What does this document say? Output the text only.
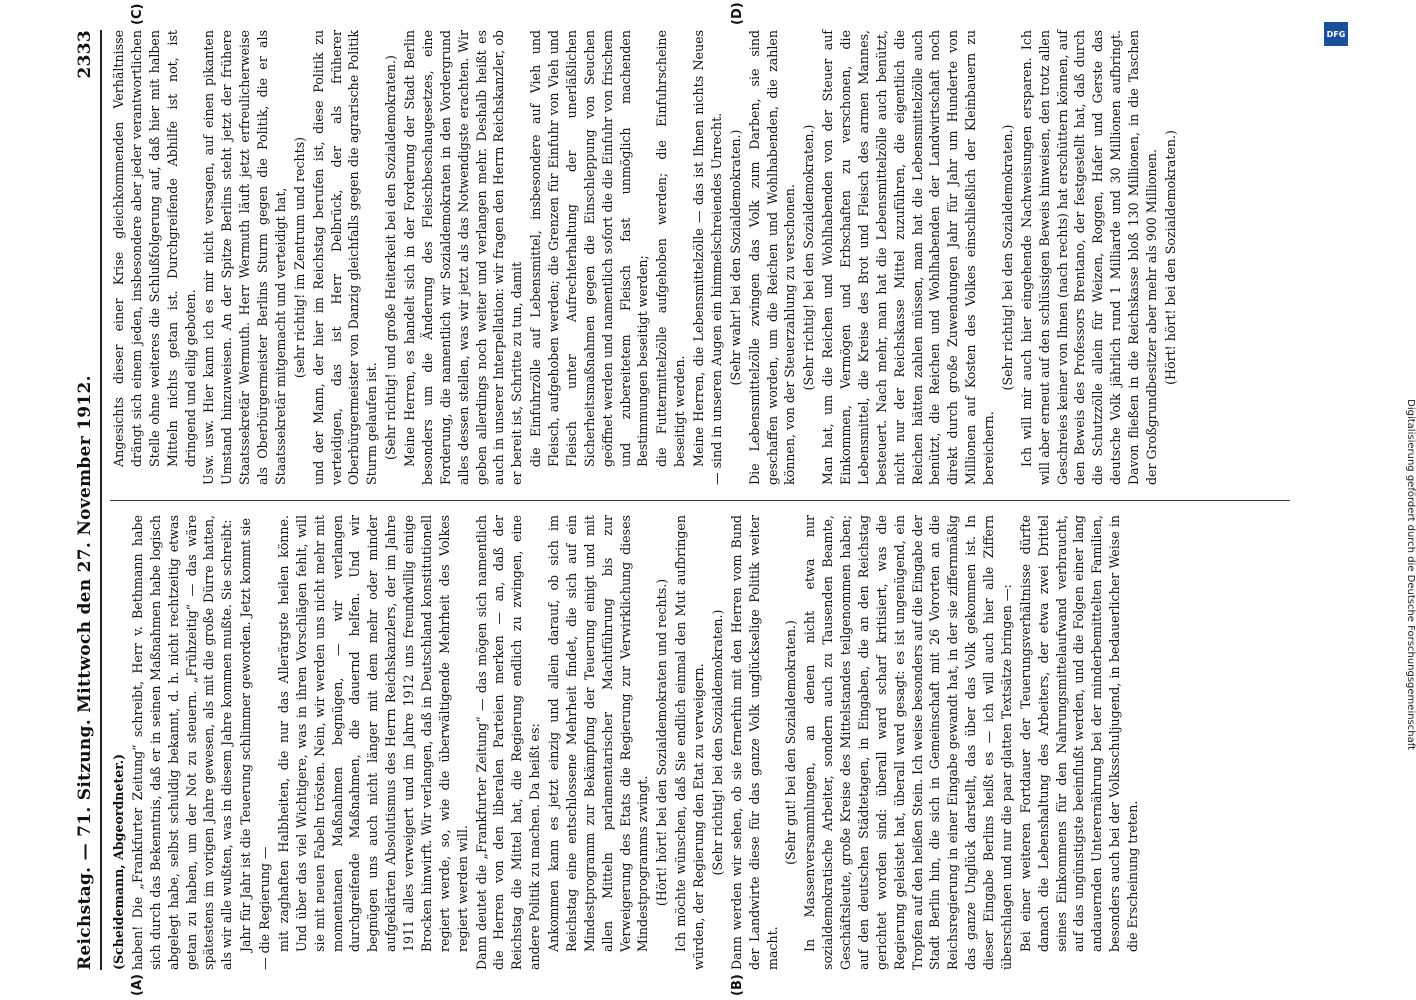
Reichstag. — 71. Sitzung. Mittwoch den 27. November 1912.
2333

(Scheidemann, Abgeordneter.) haben! Die „Frankfurter Zeitung“ schreibt, Herr v. Bethmann habe sich durch das Bekenntnis, daß er in seinen Maßnahmen habe logisch abgelegt habe, selbst schuldig bekannt, d. h. nicht rechtzeitig etwas getan zu haben, um der Not zu steuern. „Frühzeitig“ — das wäre spätestens im vorigen Jahre gewesen, als mit die große Dürre hatten, als wir alle wußten, was in diesem Jahre kommen mußte. Sie schreibt: Jahr für Jahr ist die Teuerung schlimmer geworden. Jetzt kommt sie — die Regierung — mit zaghaften Halbheiten, die nur das Allerärgste heilen könne. Und über das viel Wichtigere, was in ihren Vorschlägen fehlt, will sie mit neuen Fabeln trösten. Nein, wir werden uns nicht mehr mit momentanen Maßnahmen begnügen, — wir verlangen durchgreifende Maßnahmen, die dauernd helfen. Und wir begnügen uns auch nicht länger mit dem mehr oder minder aufgeklärten Absolutismus des Herrn Reichskanzlers, der im Jahre 1911 alles verweigert und im Jahre 1912 uns freundwillig einige Brocken hinwirft. Wir verlangen, daß in Deutschland konstitutionell regiert werde, so, wie die überwältigende Mehrheit des Volkes regiert werden will. Dann deutet die „Frankfurter Zeitung“ — das mögen sich namentlich die Herren von den liberalen Parteien merken — an, daß der Reichstag die Mittel hat, die Regierung endlich zu zwingen, eine andere Politik zu machen. Da heißt es: Ankommen kann es jetzt einzig und allein darauf, ob sich im Reichstag eine entschlossene Mehrheit findet, die sich auf ein Mindestprogramm zur Bekämpfung der Teuerung einigt und mit allen Mitteln parlamentarischer Machtführung bis zur Verweigerung des Etats die Regierung zur Verwirklichung dieses Mindestprogramms zwingt. (Hört! hört! bei den Sozialdemokraten und rechts.) Ich möchte wünschen, daß Sie endlich einmal den Mut aufbringen würden, der Regierung den Etat zu verweigern. (Sehr richtig! bei den Sozialdemokraten.) Dann werden wir sehen, ob sie fernerhin mit den Herren vom Bund der Landwirte diese für das ganze Volk unglückselige Politik weiter macht.

(Sehr gut! bei den Sozialdemokraten.) In Massenversammlungen, an denen nicht etwa nur sozialdemokratische Arbeiter, sondern auch zu Tausenden Beamte, Geschäftsleute, große Kreise des Mittelstandes teilgenommen haben; auf den deutschen Städtetagen, in Eingaben, die an den Reichstag gerichtet worden sind: überall ward scharf kritisiert, was die Regierung geleistet hat, überall ward gesagt: es ist ungenügend, ein Tropfen auf den heißen Stein. Ich weise besonders auf die Eingabe der Stadt Berlin hin, die sich in Gemeinschaft mit 26 Vororten an die Reichsregierung in einer Eingabe gewandt hat, in der sie ziffernmäßig das ganze Unglück darstellt, das über das Volk gekommen ist. In dieser Eingabe Berlins heißt es — ich will auch hier alle Ziffern überschlagen und nur die paar glatten Textsätze bringen —: Bei einer weiteren Fortdauer der Teuerungsverhältnisse dürfte danach die Lebenshaltung des Arbeiters, der etwa zwei Drittel seines Einkommens für den Nahrungsmittelaufwand verbraucht, auf das ungünstigste beeinflußt werden, und die Folgen einer lang andauernden Unterernährung bei der minderbemittelten Familien, besonders auch bei der Volksschuljugend, in bedauerlicher Weise in die Erscheinung treten.

Angesichts dieser einer Krise gleichkommenden Verhältnisse drängt sich einem jeden, insbesondere aber jeder verantwortlichen Stelle ohne weiteres die Schlußfolgerung auf, daß hier mit halben Mitteln nichts getan ist. Durchgreifende Abhilfe ist not, ist dringend und eilig geboten. Usw. usw. Hier kann ich es mir nicht versagen, auf einen pikanten Umstand hinzuweisen. An der Spitze Berlins steht jetzt der frühere Staatssekretär Wermuth. Herr Wermuth läuft jetzt erfreulicherweise als Oberbürgermeister Berlins Sturm gegen die Politik, die er als Staatssekretär mitgemacht und verteidigt hat, (sehr richtig! im Zentrum und rechts) und der Mann, der hier im Reichstag berufen ist, diese Politik zu verteidigen, das ist Herr Delbrück, der als früherer Oberbürgermeister von Danzig gleichfalls gegen die agrarische Politik Sturm gelaufen ist. (Sehr richtig! und große Heiterkeit bei den Sozialdemokraten.) Meine Herren, es handelt sich in der Forderung der Stadt Berlin besonders um die Änderung des Fleischbeschaugesetzes, eine Forderung, die namentlich wir Sozialdemokraten in den Vordergrund alles dessen stellen, was wir jetzt als das Notwendigste erachten. Wir geben allerdings noch weiter und verlangen mehr. Deshalb heißt es auch in unserer Interpellation: wir fragen den Herrn Reichskanzler, ob er bereit ist, Schritte zu tun, damit die Einfuhrzölle auf Lebensmittel, insbesondere auf Vieh und Fleisch, aufgehoben werden; die Grenzen für Einfuhr von Vieh und Fleisch unter Aufrechterhaltung der unerläßlichen Sicherheitsmaßnahmen gegen die Einschleppung von Seuchen geöffnet werden und namentlich sofort die die Einfuhr von frischem und zubereitetem Fleisch fast unmöglich machenden Bestimmungen beseitigt werden; die Futtermittelzölle aufgehoben werden; die Einfuhrscheine beseitigt werden. Meine Herren, die Lebensmittelzölle — das ist Ihnen nichts Neues — sind in unseren Augen ein himmelschreiendes Unrecht. (Sehr wahr! bei den Sozialdemokraten.) Die Lebensmittelzölle zwingen das Volk zum Darben, sie sind geschaffen worden, um die Reichen und Wohlhabenden, die zahlen können, von der Steuerzahlung zu verschonen. (Sehr richtig! bei den Sozialdemokraten.) Man hat, um die Reichen und Wohlhabenden von der Steuer auf Einkommen, Vermögen und Erbschaften zu verschonen, die Lebensmittel, die Kreise des Brot und Fleisch des armen Mannes, besteuert. Nach mehr, man hat die Lebensmittelzölle auch benützt, nicht nur der Reichskasse Mittel zuzuführen, die eigentlich die Reichen hätten zahlen müssen, man hat die Lebensmittelzölle auch benützt, die Reichen und Wohlhabenden der Landwirtschaft noch direkt durch große Zuwendungen Jahr für Jahr um Hunderte von Millionen auf Kosten des Volkes einschließlich der Kleinbauern zu bereichern.

(Sehr richtig! bei den Sozialdemokraten.) Ich will mir auch hier eingehende Nachweisungen ersparen. Ich will aber erneut auf den schlüssigen Beweis hinweisen, den trotz allen Geschreies keiner von Ihnen (nach rechts) hat erschüttern können, auf den Beweis des Professors Brentano, der festgestellt hat, daß durch die Schutzzölle allein für Weizen, Roggen, Hafer und Gerste das deutsche Volk jährlich rund 1 Milliarde und 30 Millionen aufbringt. Davon fließen in die Reichskasse bloß 130 Millionen, in die Taschen der Großgrundbesitzer aber mehr als 900 Millionen. (Hört! hört! bei den Sozialdemokraten.)

(A)	(B)
(C)	(D)
DFG
Digitalisierung gefördert durch die Deutsche Forschungsgemeinschaft
